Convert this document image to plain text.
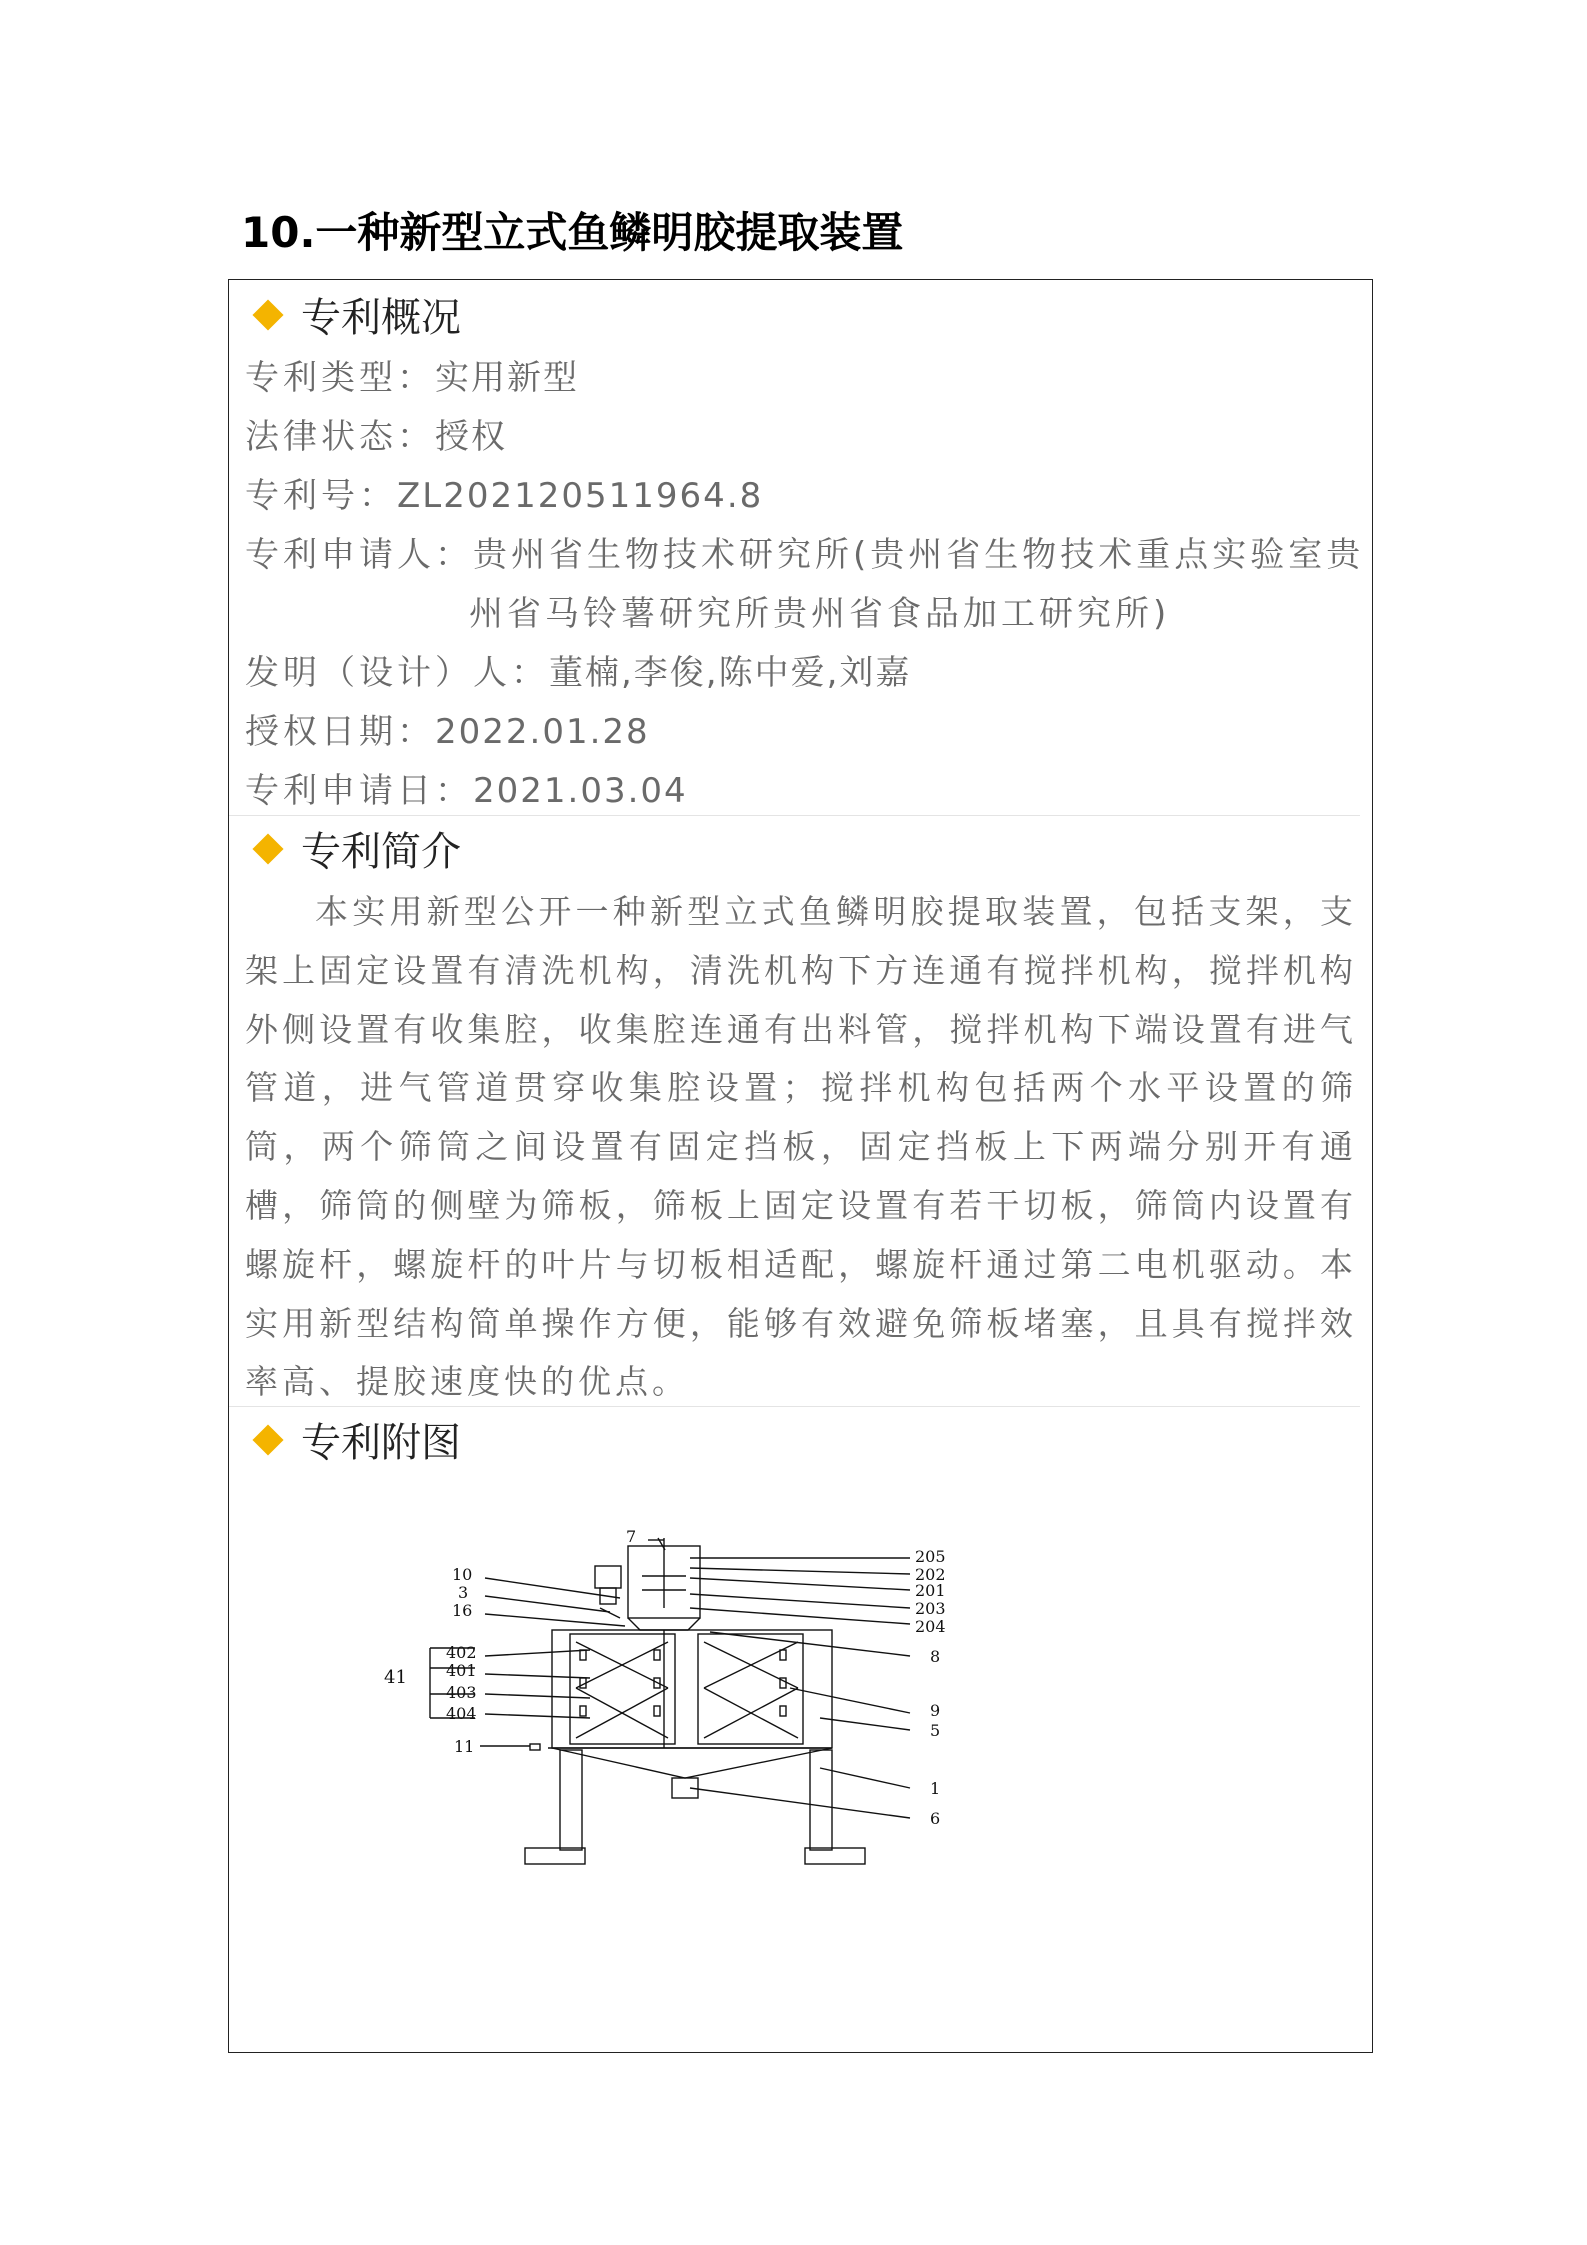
10.一种新型立式鱼鳞明胶提取装置
专利概况
专利类型：实用新型
法律状态：授权
专利号：ZL202120511964.8
专利申请人：贵州省生物技术研究所(贵州省生物技术重点实验室贵
州省马铃薯研究所贵州省食品加工研究所)
发明（设计）人：董楠,李俊,陈中爱,刘嘉
授权日期：2022.01.28
专利申请日：2021.03.04
专利简介
本实用新型公开一种新型立式鱼鳞明胶提取装置，包括支架，支架上固定设置有清洗机构，清洗机构下方连通有搅拌机构，搅拌机构外侧设置有收集腔，收集腔连通有出料管，搅拌机构下端设置有进气管道，进气管道贯穿收集腔设置；搅拌机构包括两个水平设置的筛筒，两个筛筒之间设置有固定挡板，固定挡板上下两端分别开有通槽，筛筒的侧壁为筛板，筛板上固定设置有若干切板，筛筒内设置有螺旋杆，螺旋杆的叶片与切板相适配，螺旋杆通过第二电机驱动。本实用新型结构简单操作方便，能够有效避免筛板堵塞，且具有搅拌效率高、提胶速度快的优点。
专利附图
7
10
3
16
402
401
403
404
41
11
205
202
201
203
204
8
9
5
1
6
